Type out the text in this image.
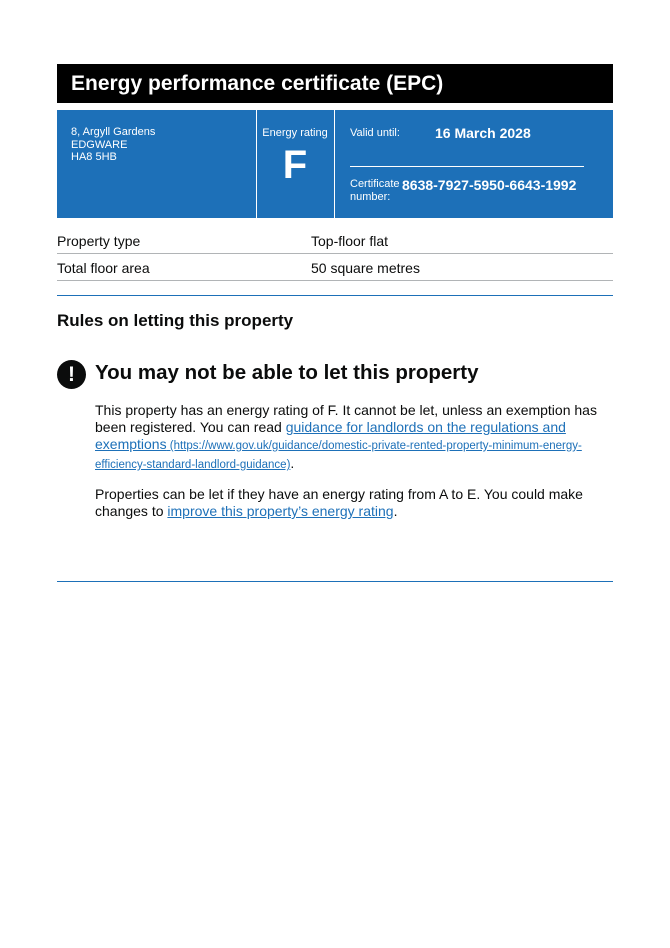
Energy performance certificate (EPC)
8, Argyll Gardens
EDGWARE
HA8 5HB
Energy rating
F
Valid until:	16 March 2028
Certificate
number:
8638-7927-5950-6643-1992
Property type	Top-floor flat
Total floor area	50 square metres
Rules on letting this property
! You may not be able to let this property

This property has an energy rating of F. It cannot be let, unless an exemption has been registered. You can read guidance for landlords on the regulations and exemptions (https://www.gov.uk/guidance/domestic-private-rented-property-minimum-energy-efficiency-standard-landlord-guidance).

Properties can be let if they have an energy rating from A to E. You could make changes to improve this property’s energy rating.
